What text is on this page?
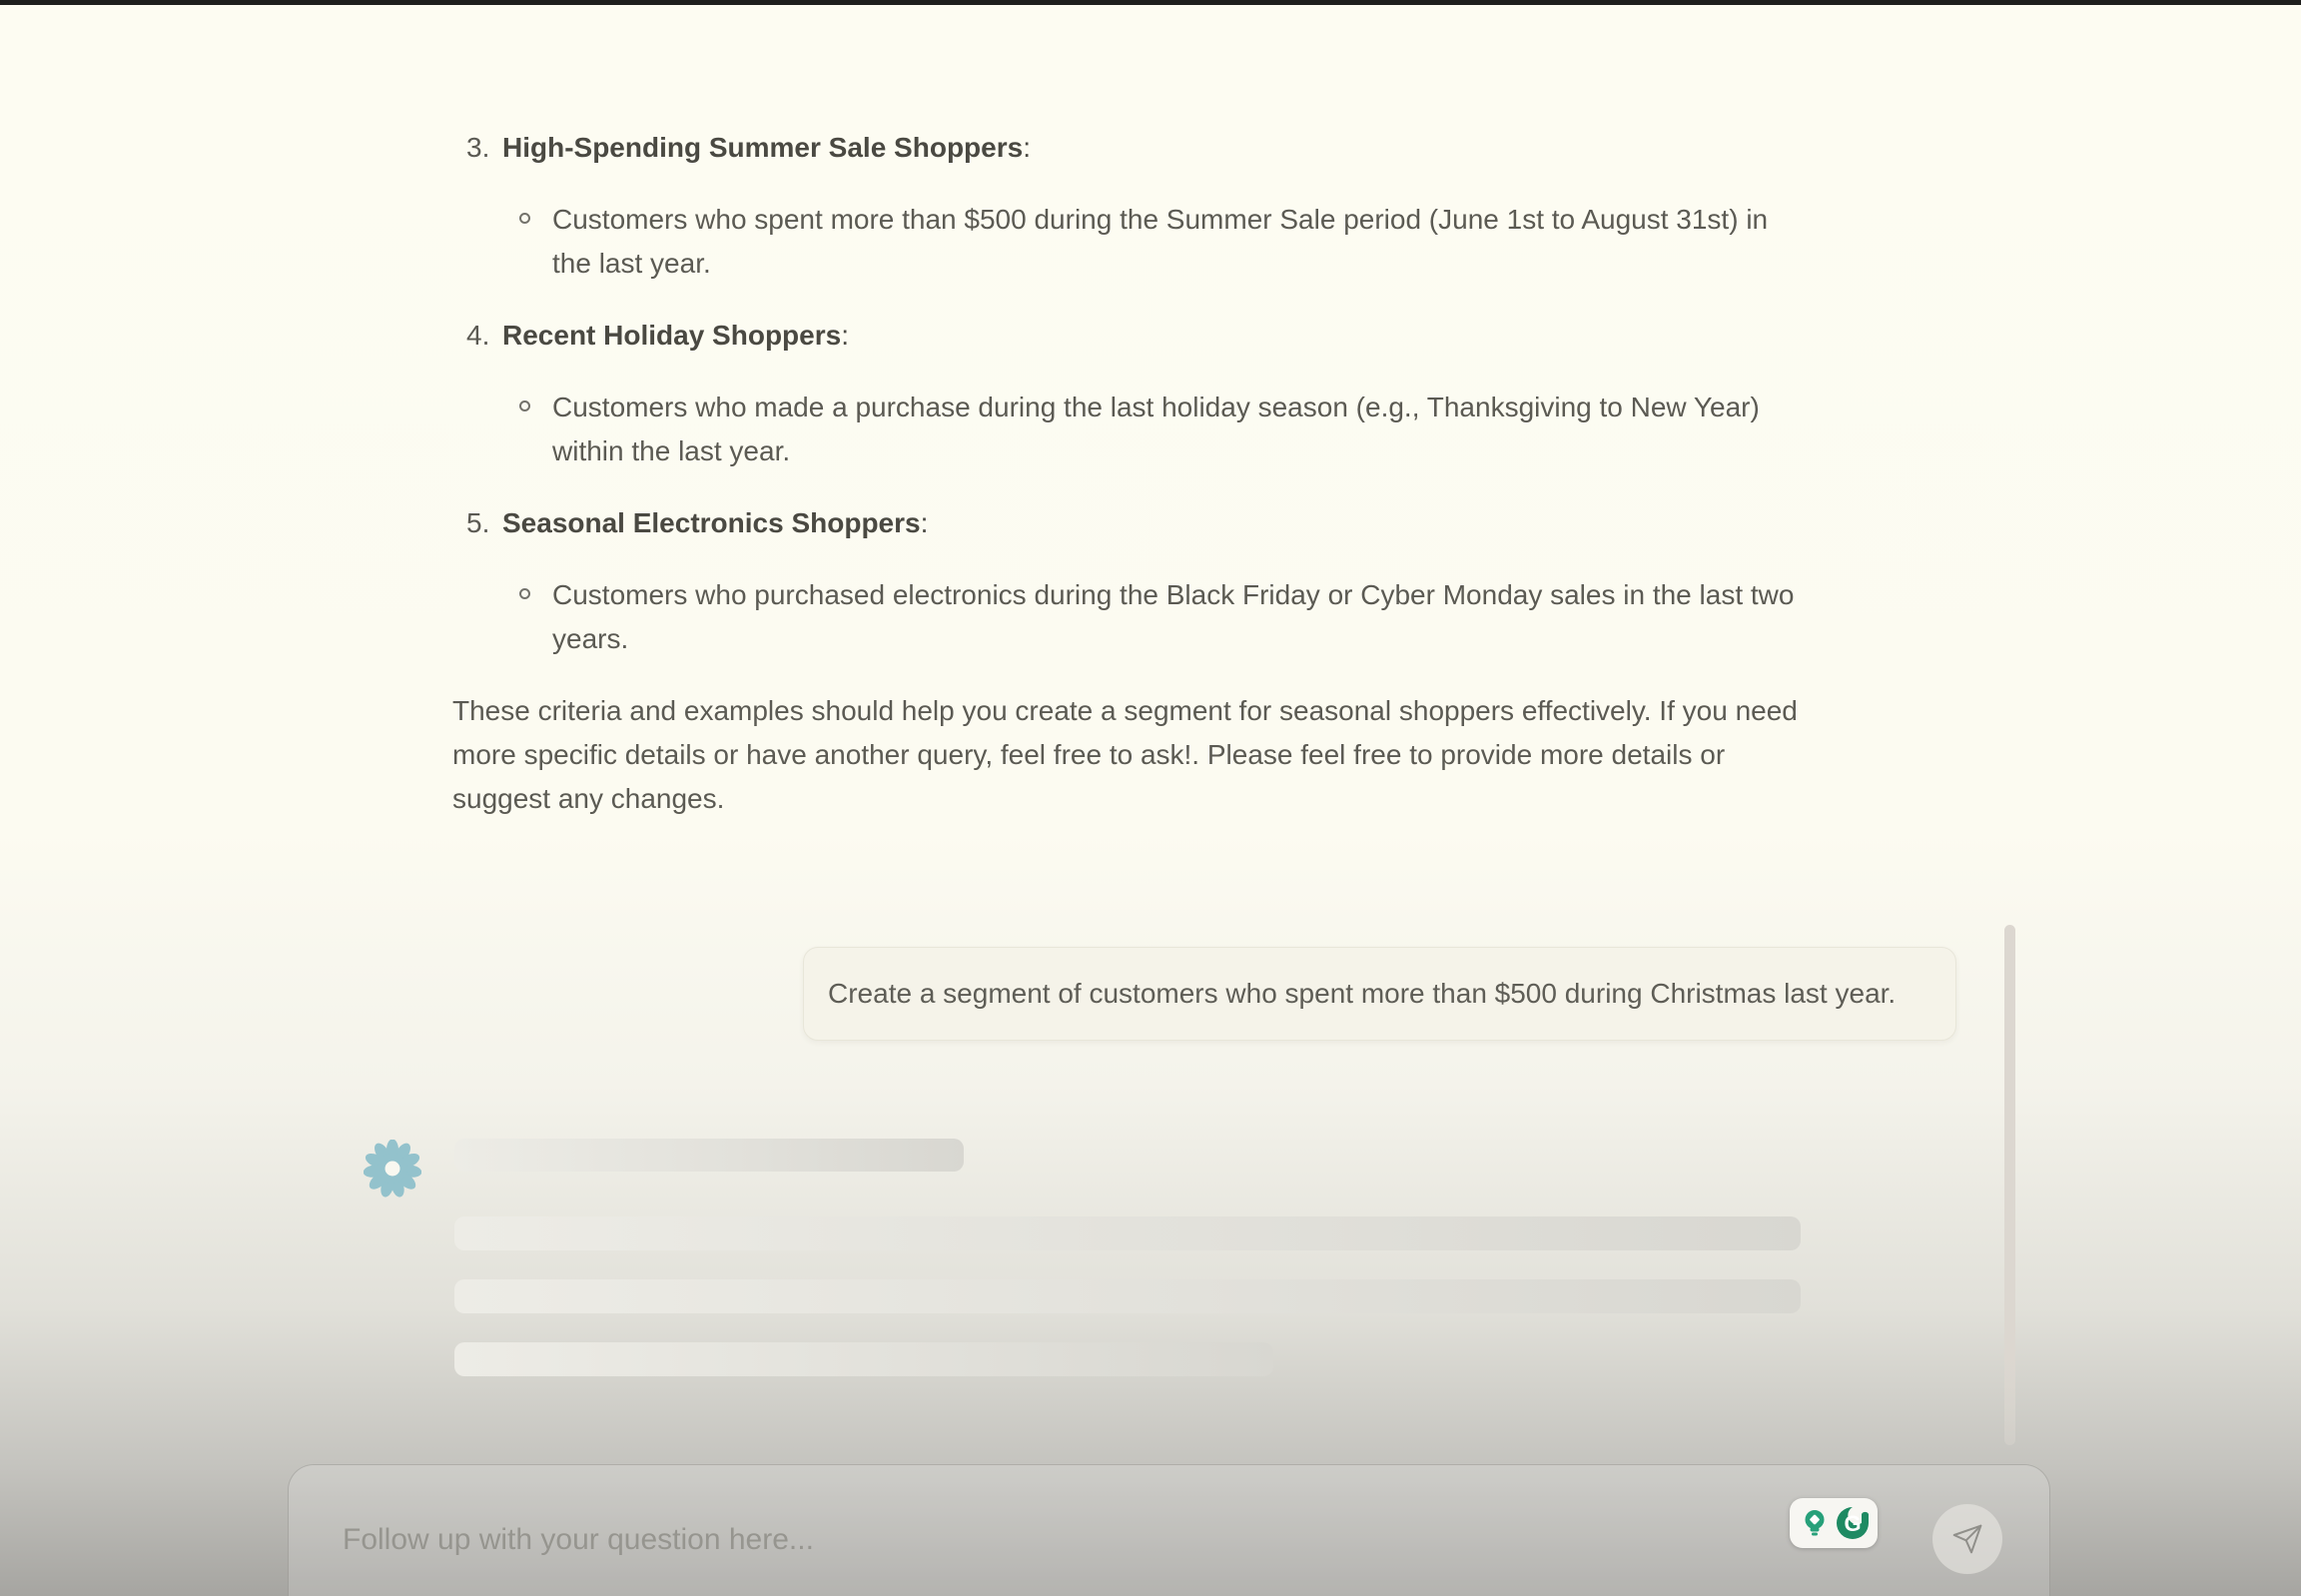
3. High-Spending Summer Sale Shoppers:
Customers who spent more than $500 during the Summer Sale period (June 1st to August 31st) in the last year.
4. Recent Holiday Shoppers:
Customers who made a purchase during the last holiday season (e.g., Thanksgiving to New Year) within the last year.
5. Seasonal Electronics Shoppers:
Customers who purchased electronics during the Black Friday or Cyber Monday sales in the last two years.

These criteria and examples should help you create a segment for seasonal shoppers effectively. If you need more specific details or have another query, feel free to ask!. Please feel free to provide more details or suggest any changes.

Create a segment of customers who spent more than $500 during Christmas last year.
Follow up with your question here...
G
